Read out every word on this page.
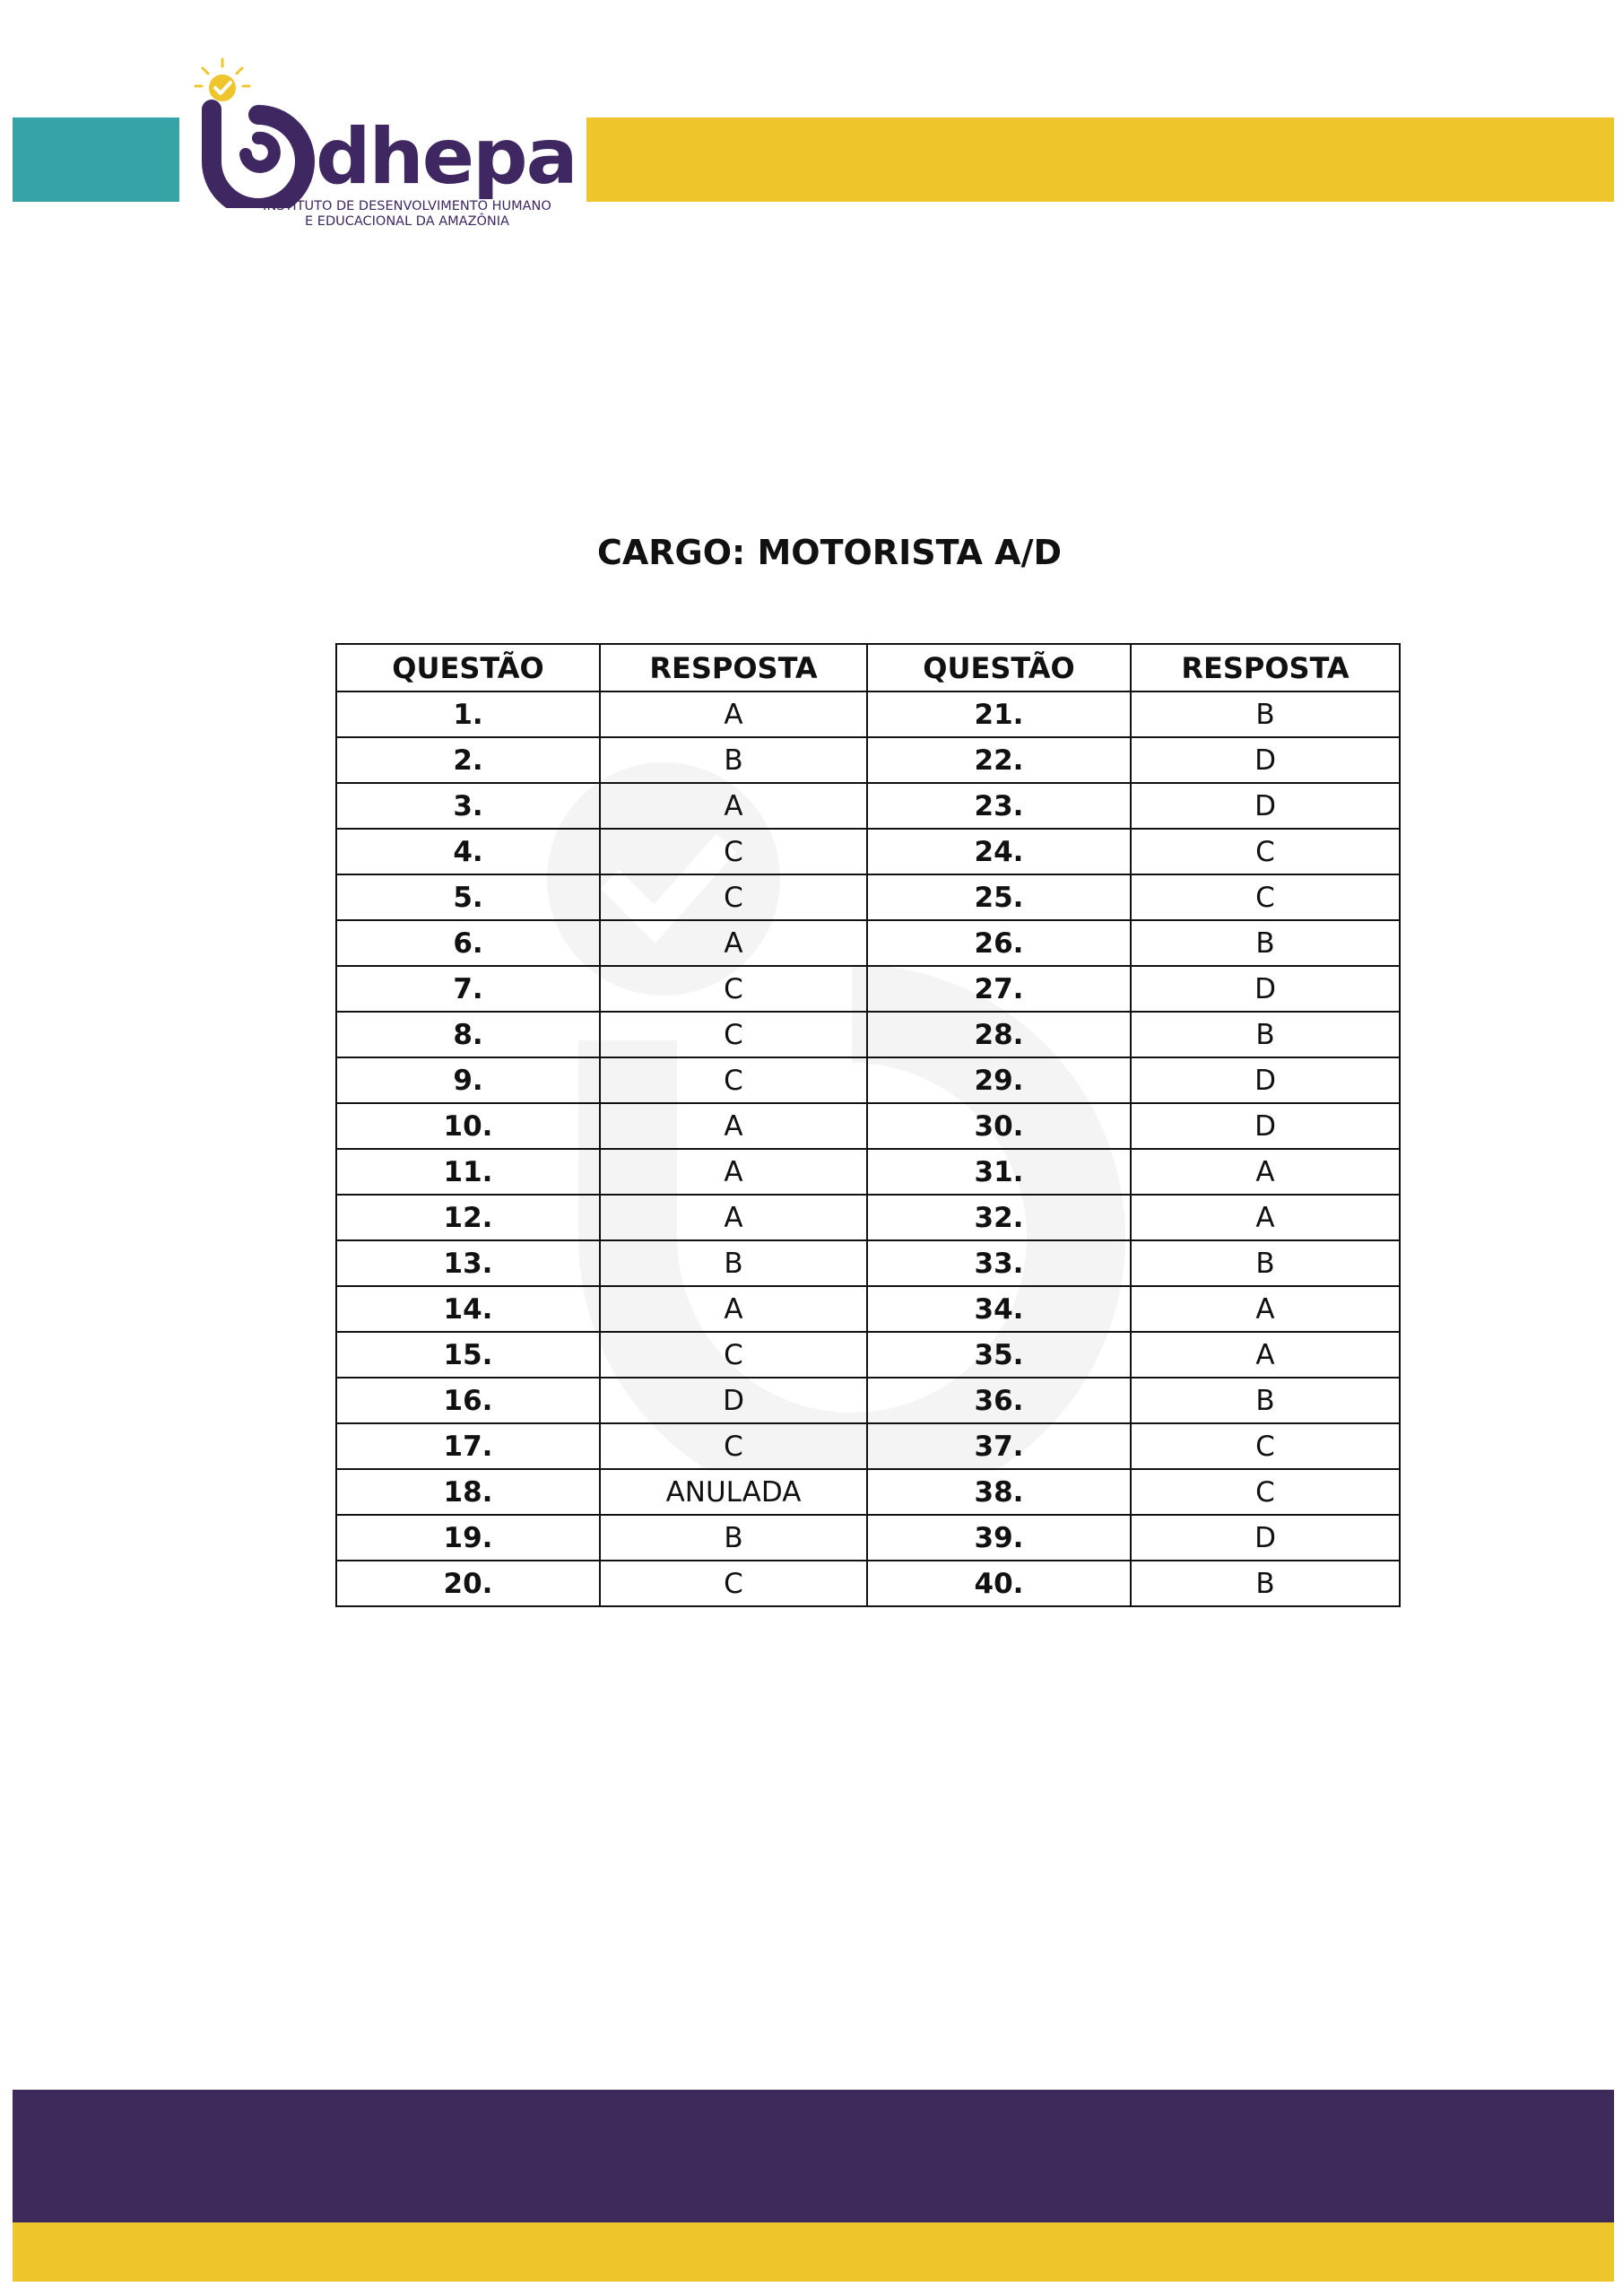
dhepa
INSTITUTO DE DESENVOLVIMENTO HUMANO
E EDUCACIONAL DA AMAZÔNIA
CARGO: MOTORISTA A/D
QUESTÃO	RESPOSTA	QUESTÃO	RESPOSTA
1.	A	21.	B
2.	B	22.	D
3.	A	23.	D
4.	C	24.	C
5.	C	25.	C
6.	A	26.	B
7.	C	27.	D
8.	C	28.	B
9.	C	29.	D
10.	A	30.	D
11.	A	31.	A
12.	A	32.	A
13.	B	33.	B
14.	A	34.	A
15.	C	35.	A
16.	D	36.	B
17.	C	37.	C
18.	ANULADA	38.	C
19.	B	39.	D
20.	C	40.	B
